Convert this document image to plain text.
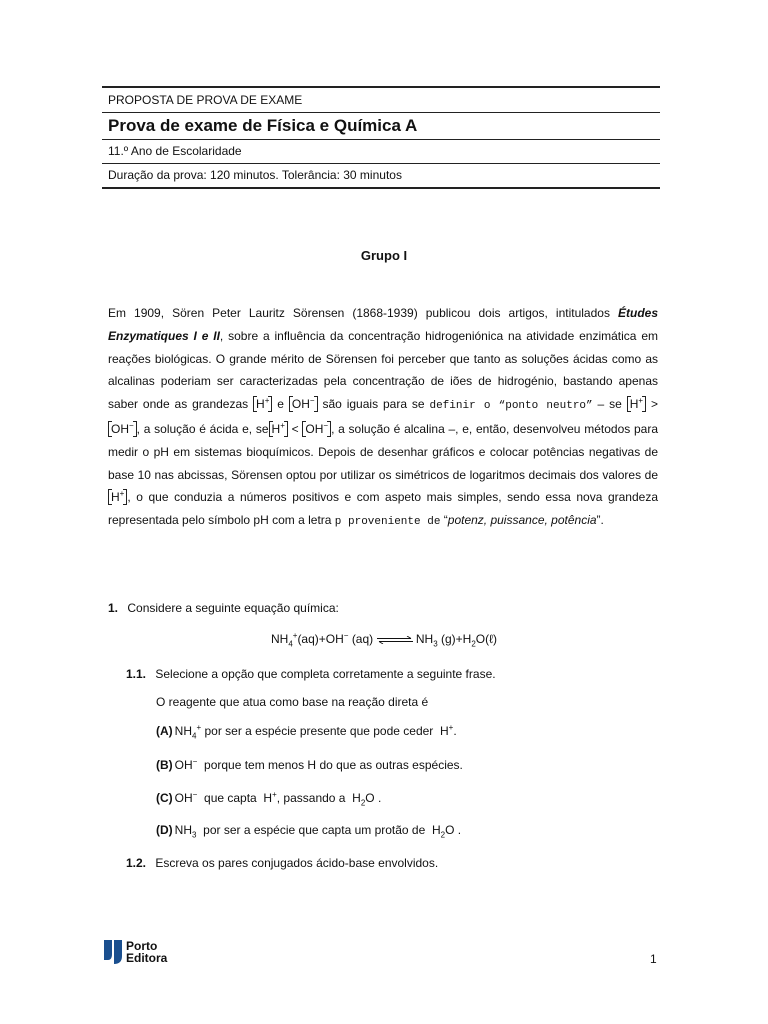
PROPOSTA DE PROVA DE EXAME
Prova de exame de Física e Química A
11.º Ano de Escolaridade
Duração da prova: 120 minutos. Tolerância: 30 minutos
Grupo I
Em 1909, Sören Peter Lauritz Sörensen (1868-1939) publicou dois artigos, intitulados Études Enzymatiques I e II, sobre a influência da concentração hidrogeniónica na atividade enzimática em reações biológicas. O grande mérito de Sörensen foi perceber que tanto as soluções ácidas como as alcalinas poderiam ser caracterizadas pela concentração de iões de hidrogénio, bastando apenas saber onde as grandezas H+ e OH− são iguais para se definir o “ponto neutro” – se H+ > OH− , a solução é ácida e, se H+ < OH− , a solução é alcalina –, e, então, desenvolveu métodos para medir o pH em sistemas bioquímicos. Depois de desenhar gráficos e colocar potências negativas de base 10 nas abcissas, Sörensen optou por utilizar os simétricos de logaritmos decimais dos valores de H+ , o que conduzia a números positivos e com aspeto mais simples, sendo essa nova grandeza representada pelo símbolo pH com a letra p proveniente de “potenz, puissance, potência”.
1. Considere a seguinte equação química:
$NH_4^+(aq)+OH^-$ (aq) ⇌ $NH_3$ $(g)+H_2O(\ell)$
1.1. Selecione a opção que completa corretamente a seguinte frase.
O reagente que atua como base na reação direta é
(A) $NH_4^+$ por ser a espécie presente que pode ceder H+.
(B) OH− porque tem menos H do que as outras espécies.
(C) OH− que capta H+, passando a $H_2O$ .
(D) $NH_3$ por ser a espécie que capta um protão de $H_2O$ .
1.2. Escreva os pares conjugados ácido-base envolvidos.
Porto
Editora	1
